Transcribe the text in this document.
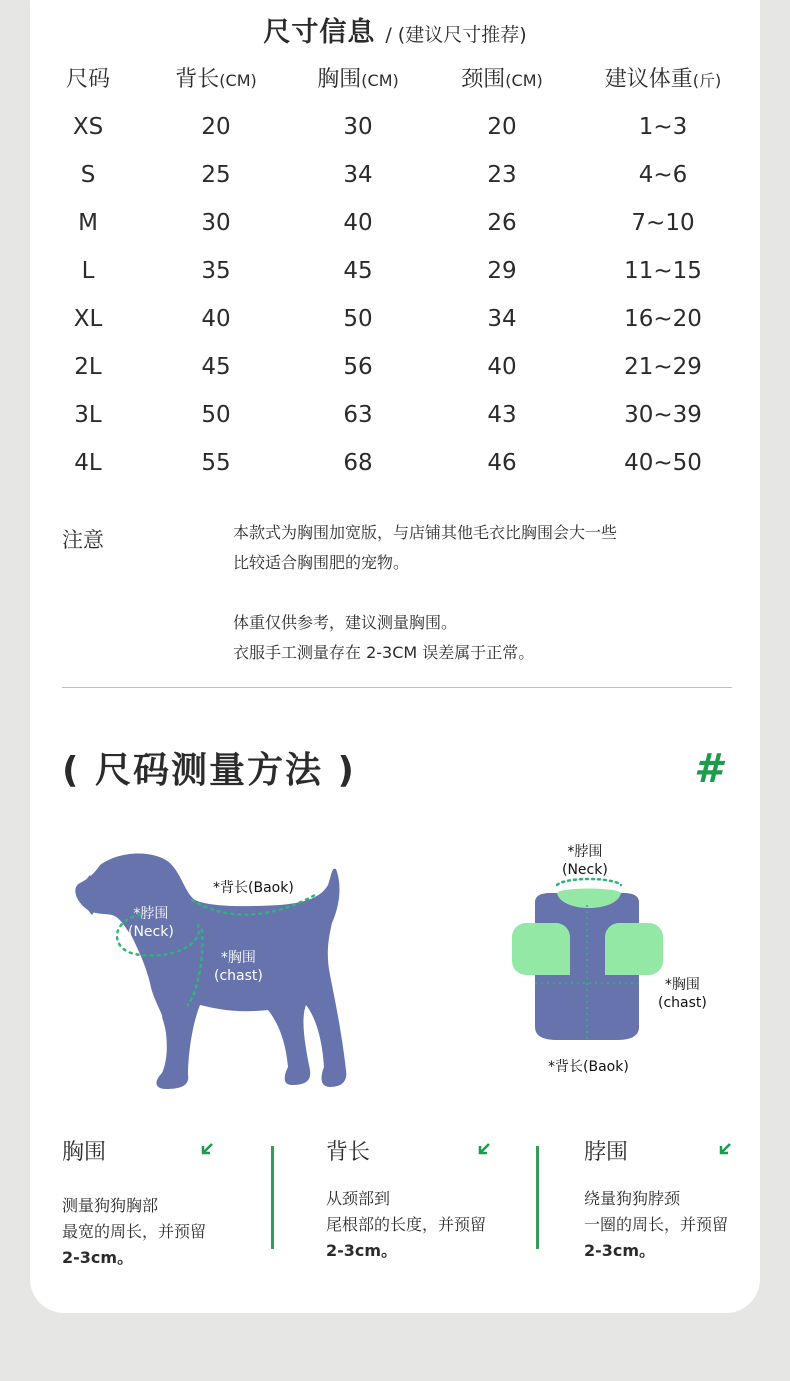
尺寸信息 / (建议尺寸推荐)
尺码	背长(CM)	胸围(CM)	颈围(CM)	建议体重(斤)
XS	20	30	20	1~3
S	25	34	23	4~6
M	30	40	26	7~10
L	35	45	29	11~15
XL	40	50	34	16~20
2L	45	56	40	21~29
3L	50	63	43	30~39
4L	55	68	46	40~50
注意	本款式为胸围加宽版，与店铺其他毛衣比胸围会大一些
比较适合胸围肥的宠物。
体重仅供参考，建议测量胸围。
衣服手工测量存在 2-3CM 误差属于正常。
( 尺码测量方法 )	#
*背长(Baok)
*脖围
(Neck)
*胸围
(chast)
*脖围
(Neck)
*胸围
(chast)
*背长(Baok)
胸围
测量狗狗胸部
最宽的周长，并预留
2-3cm。
背长
从颈部到
尾根部的长度，并预留
2-3cm。
脖围
绕量狗狗脖颈
一圈的周长，并预留
2-3cm。
